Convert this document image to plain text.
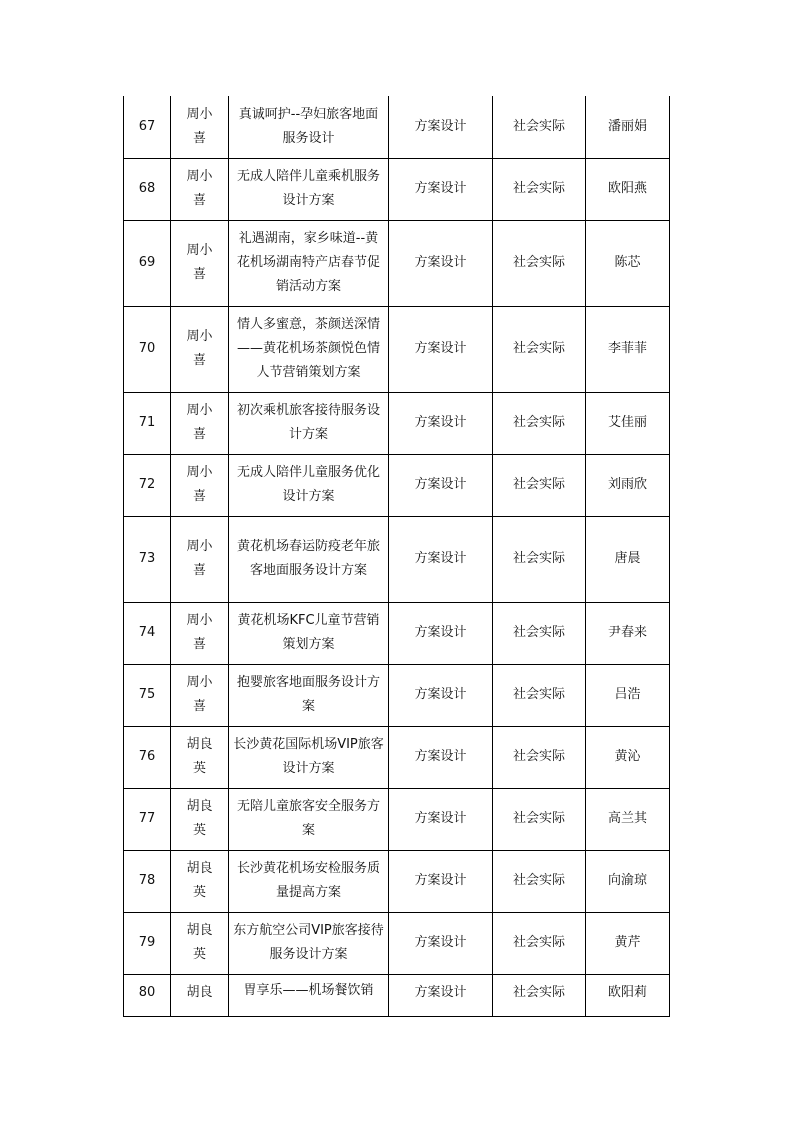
67	周小喜	真诚呵护--孕妇旅客地面服务设计	方案设计	社会实际	潘丽娟
68	周小喜	无成人陪伴儿童乘机服务设计方案	方案设计	社会实际	欧阳燕
69	周小喜	礼遇湖南，家乡味道--黄花机场湖南特产店春节促销活动方案	方案设计	社会实际	陈芯
70	周小喜	情人多蜜意，茶颜送深情——黄花机场茶颜悦色情人节营销策划方案	方案设计	社会实际	李菲菲
71	周小喜	初次乘机旅客接待服务设计方案	方案设计	社会实际	艾佳丽
72	周小喜	无成人陪伴儿童服务优化设计方案	方案设计	社会实际	刘雨欣
73	周小喜	黄花机场春运防疫老年旅客地面服务设计方案	方案设计	社会实际	唐晨
74	周小喜	黄花机场KFC儿童节营销策划方案	方案设计	社会实际	尹春来
75	周小喜	抱婴旅客地面服务设计方案	方案设计	社会实际	吕浩
76	胡良英	长沙黄花国际机场VIP旅客设计方案	方案设计	社会实际	黄沁
77	胡良英	无陪儿童旅客安全服务方案	方案设计	社会实际	高兰其
78	胡良英	长沙黄花机场安检服务质量提高方案	方案设计	社会实际	向渝琼
79	胡良英	东方航空公司VIP旅客接待服务设计方案	方案设计	社会实际	黄芹
80	胡良	胃享乐——机场餐饮销	方案设计	社会实际	欧阳莉
